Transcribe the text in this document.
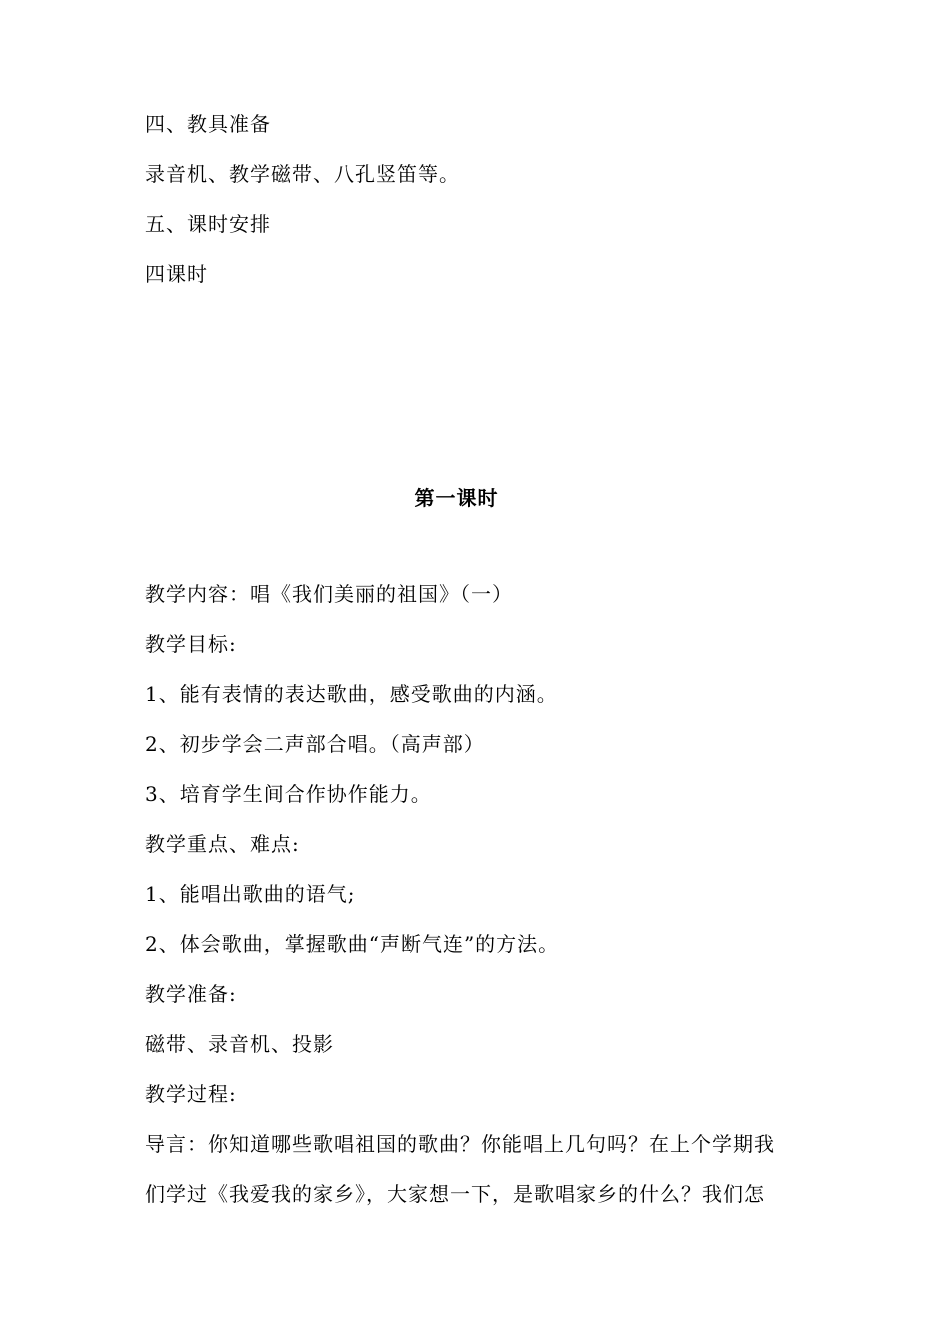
四、教具准备
录音机、教学磁带、八孔竖笛等。
五、课时安排
四课时
第一课时
教学内容：唱《我们美丽的祖国》（一）
教学目标:
1、能有表情的表达歌曲，感受歌曲的内涵。
2、初步学会二声部合唱。（高声部）
3、培育学生间合作协作能力。
教学重点、难点:
1、能唱出歌曲的语气;
2、体会歌曲，掌握歌曲“声断气连”的方法。
教学准备:
磁带、录音机、投影
教学过程:
导言：你知道哪些歌唱祖国的歌曲？你能唱上几句吗？在上个学期我
们学过《我爱我的家乡》，大家想一下，是歌唱家乡的什么？我们怎
